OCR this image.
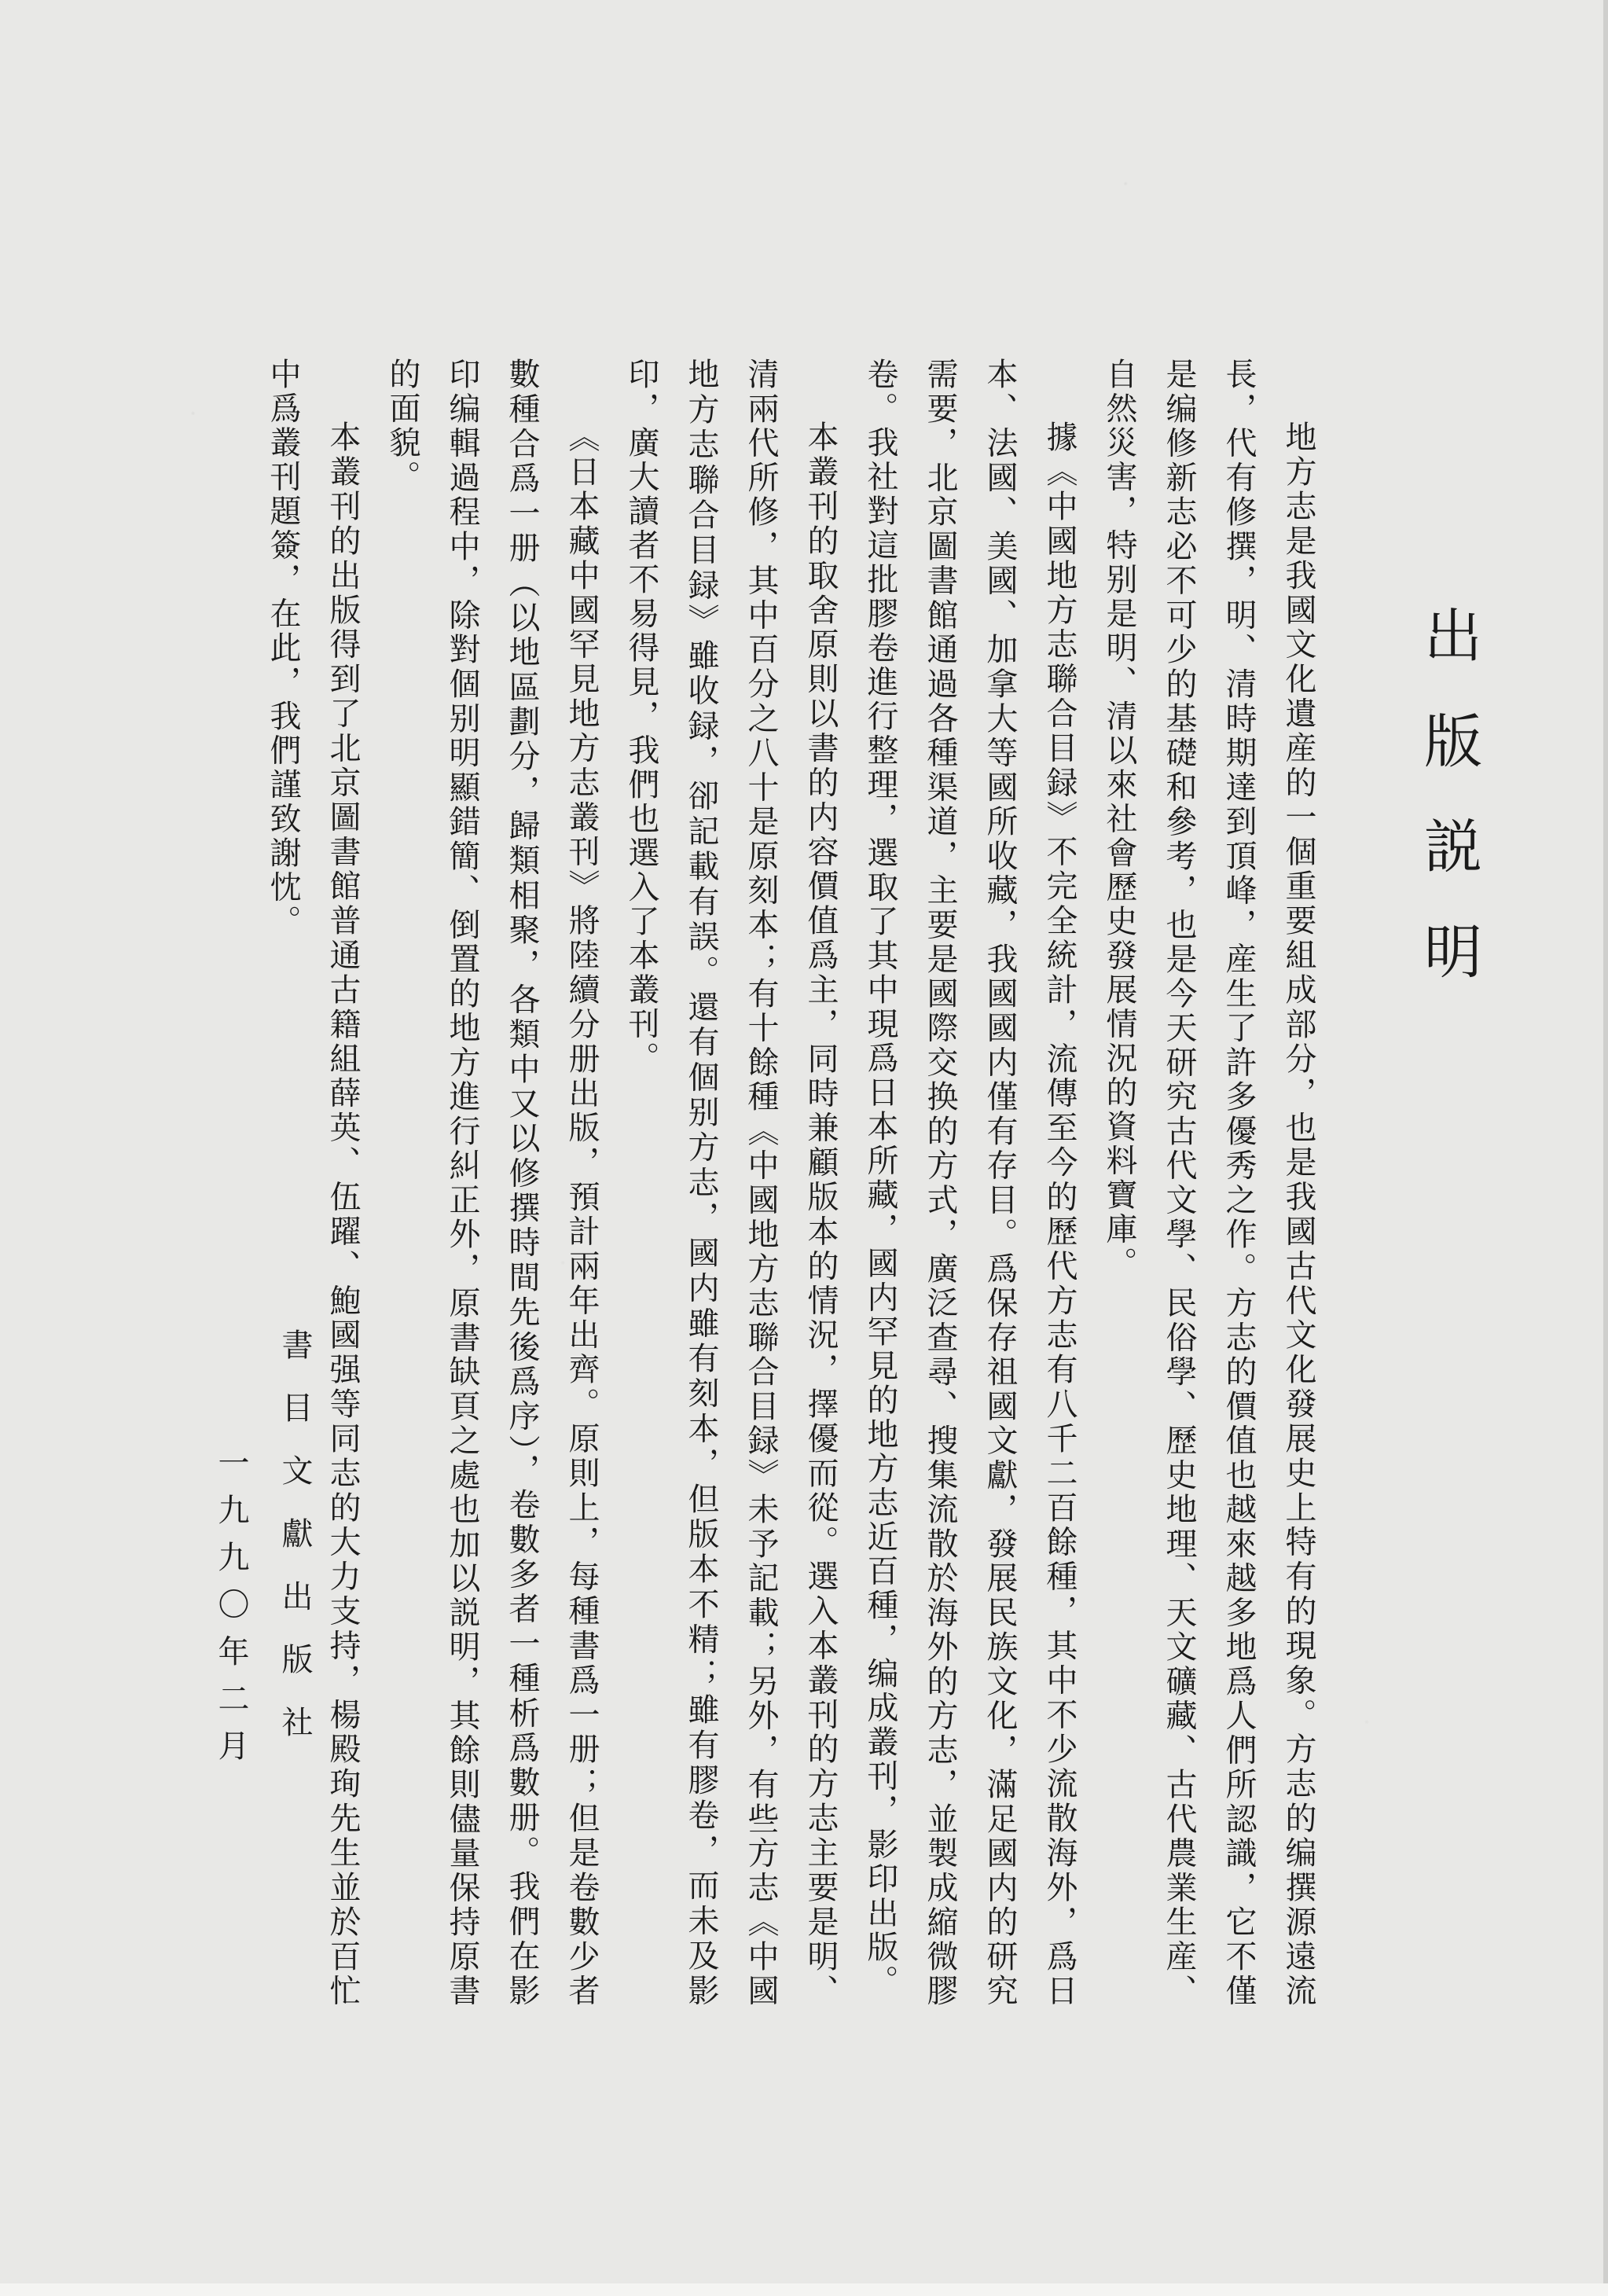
出版説明

地方志是我國文化遺産的一個重要組成部分，也是我國古代文化發展史上特有的現象。方志的编撰源遠流長，代有修撰，明、清時期達到頂峰，産生了許多優秀之作。方志的價值也越來越多地爲人們所認識，它不僅是编修新志必不可少的基礎和參考，也是今天研究古代文學、民俗學、歷史地理、天文礦藏、古代農業生産、自然災害，特别是明、清以來社會歷史發展情況的資料寶庫。

據《中國地方志聯合目録》不完全統計，流傳至今的歷代方志有八千二百餘種，其中不少流散海外，爲日本、法國、美國、加拿大等國所收藏，我國國内僅有存目。爲保存祖國文獻，發展民族文化，滿足國内的研究需要，北京圖書館通過各種渠道，主要是國際交换的方式，廣泛查尋、搜集流散於海外的方志，並製成縮微膠卷。我社對這批膠卷進行整理，選取了其中現爲日本所藏，國内罕見的地方志近百種，编成叢刊，影印出版。

本叢刊的取舍原則以書的内容價值爲主，同時兼顧版本的情況，擇優而從。選入本叢刊的方志主要是明、清兩代所修，其中百分之八十是原刻本；有十餘種《中國地方志聯合目録》未予記載；另外，有些方志《中國地方志聯合目録》雖收録，卻記載有誤。還有個别方志，國内雖有刻本，但版本不精；雖有膠卷，而未及影印，廣大讀者不易得見，我們也選入了本叢刊。

《日本藏中國罕見地方志叢刊》將陸續分册出版，預計兩年出齊。原則上，每種書爲一册；但是卷數少者數種合爲一册（以地區劃分，歸類相聚，各類中又以修撰時間先後爲序），卷數多者一種析爲數册。我們在影印编輯過程中，除對個别明顯錯簡、倒置的地方進行糾正外，原書缺頁之處也加以説明，其餘則儘量保持原書的面貌。

本叢刊的出版得到了北京圖書館普通古籍組薛英、伍躍、鮑國强等同志的大力支持，楊殿珣先生並於百忙中爲叢刊題簽，在此，我們謹致謝忱。

書目文獻出版社
一九九〇年二月
